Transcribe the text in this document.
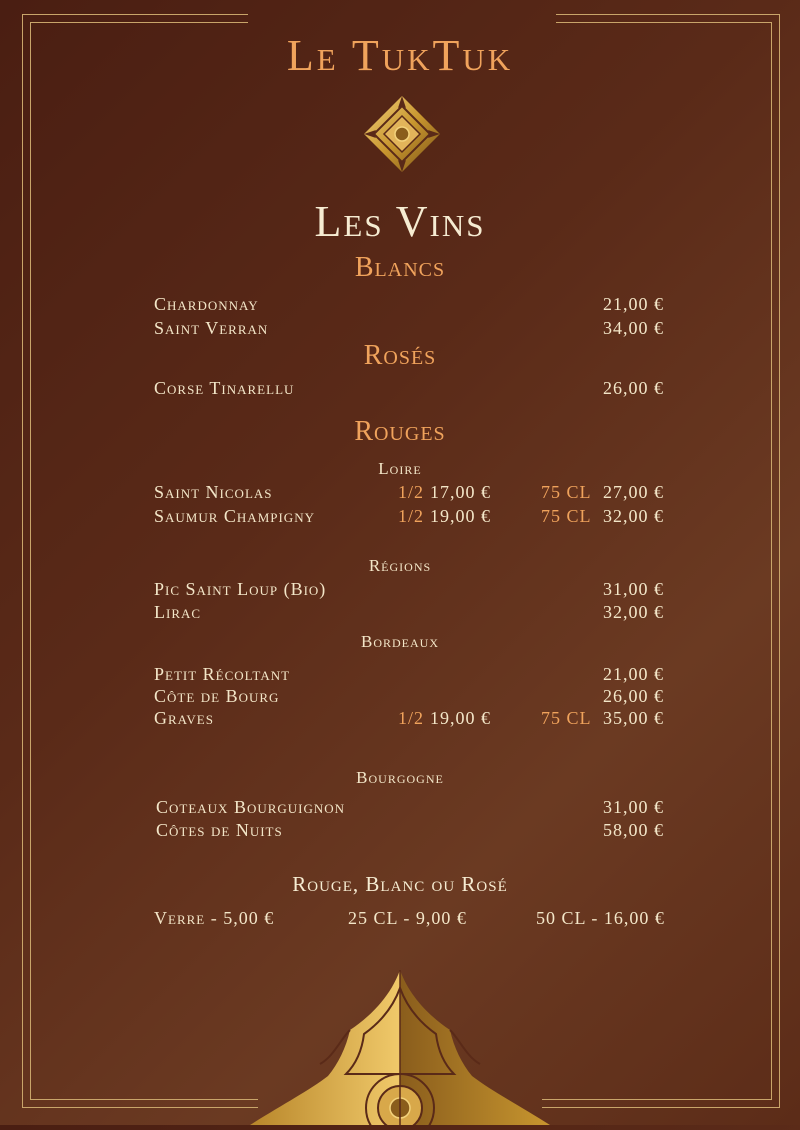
Le TukTuk
Les Vins
Blancs
Chardonnay	21,00 €
Saint Verran	34,00 €
Rosés
Corse Tinarellu	26,00 €
Rouges
Loire
Saint Nicolas	1/2 17,00 €	75 CL 27,00 €
Saumur Champigny	1/2 19,00 €	75 CL 32,00 €
Régions
Pic Saint Loup (Bio)	31,00 €
Lirac	32,00 €
Bordeaux
Petit Récoltant	21,00 €
Côte de Bourg	26,00 €
Graves	1/2 19,00 €	75 CL 35,00 €
Bourgogne
Coteaux Bourguignon	31,00 €
Côtes de Nuits	58,00 €
Rouge, Blanc ou Rosé
Verre - 5,00 €	25 CL - 9,00 €	50 CL - 16,00 €
